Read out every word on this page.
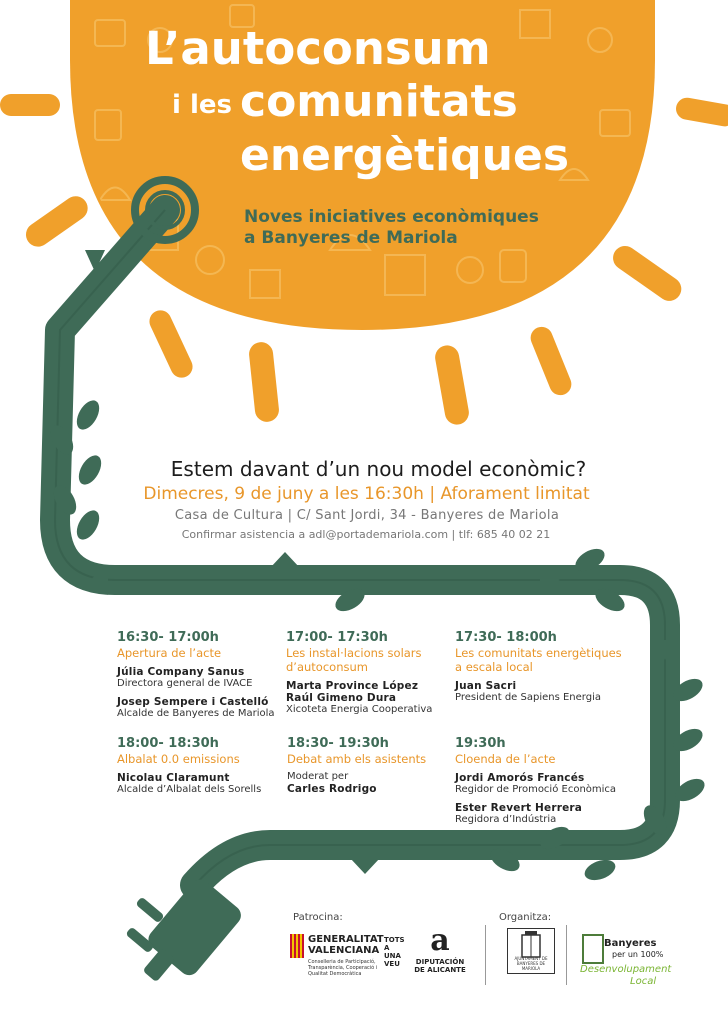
L’autoconsum
i les comunitats
energètiques
Noves iniciatives econòmiques
a Banyeres de Mariola
Estem davant d’un nou model econòmic?
Dimecres, 9 de juny a les 16:30h | Aforament limitat
Casa de Cultura | C/ Sant Jordi, 34 - Banyeres de Mariola
Confirmar asistencia a adl@portademariola.com | tlf: 685 40 02 21
16:30- 17:00h
Apertura de l’acte
Júlia Company Sanus
Directora general de IVACE
Josep Sempere i Castelló
Alcalde de Banyeres de Mariola
17:00- 17:30h
Les instal·lacions solars
d’autoconsum
Marta Province López
Raúl Gimeno Dura
Xicoteta Energia Cooperativa
17:30- 18:00h
Les comunitats energètiques
a escala local
Juan Sacri
President de Sapiens Energia
18:00- 18:30h
Albalat 0.0 emissions
Nicolau Claramunt
Alcalde d’Albalat dels Sorells
18:30- 19:30h
Debat amb els asistents
Moderat per
Carles Rodrigo
19:30h
Cloenda de l’acte
Jordi Amorós Francés
Regidor de Promoció Econòmica
Ester Revert Herrera
Regidora d’Indústria
Patrocina:	Organitza:
GENERALITAT
VALENCIANA
Conselleria de Participació, Transparència, Cooperació i Qualitat Democràtica
TOTS A UNA VEU
a
DIPUTACIÓN
DE ALICANTE
AJUNTAMENT DE BANYERES DE MARIOLA
Banyeres
per un 100%
Desenvolupament
Local
